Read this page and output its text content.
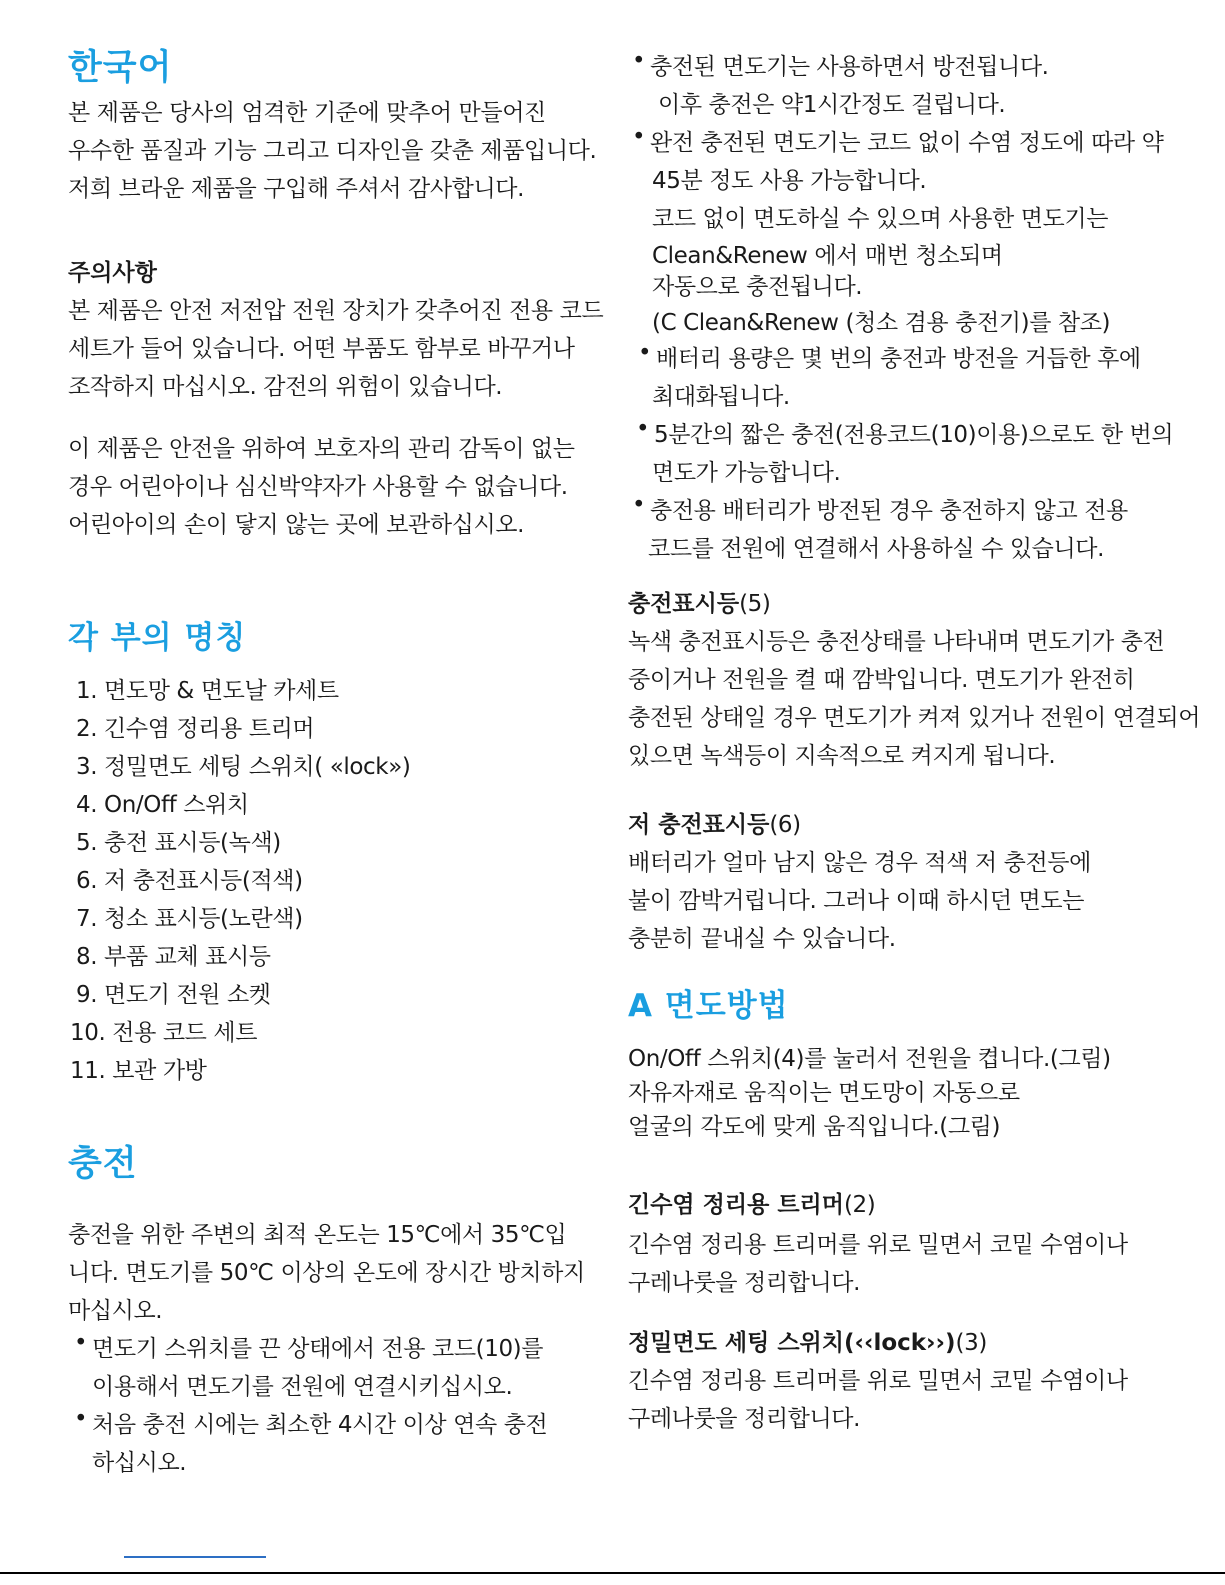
한국어
본 제품은 당사의 엄격한 기준에 맞추어 만들어진
우수한 품질과 기능 그리고 디자인을 갖춘 제품입니다.
저희 브라운 제품을 구입해 주셔서 감사합니다.
주의사항
본 제품은 안전 저전압 전원 장치가 갖추어진 전용 코드
세트가 들어 있습니다. 어떤 부품도 함부로 바꾸거나
조작하지 마십시오. 감전의 위험이 있습니다.
이 제품은 안전을 위하여 보호자의 관리 감독이 없는
경우 어린아이나 심신박약자가 사용할 수 없습니다.
어린아이의 손이 닿지 않는 곳에 보관하십시오.
각 부의 명칭
1. 면도망 & 면도날 카세트
2. 긴수염 정리용 트리머
3. 정밀면도 세팅 스위치( «lock»)
4. On/Off 스위치
5. 충전 표시등(녹색)
6. 저 충전표시등(적색)
7. 청소 표시등(노란색)
8. 부품 교체 표시등
9. 면도기 전원 소켓
10. 전용 코드 세트
11. 보관 가방
충전
충전을 위한 주변의 최적 온도는 15℃에서 35℃입
니다. 면도기를 50℃ 이상의 온도에 장시간 방치하지
마십시오.
• 면도기 스위치를 끈 상태에서 전용 코드(10)를
이용해서 면도기를 전원에 연결시키십시오.
• 처음 충전 시에는 최소한 4시간 이상 연속 충전
하십시오.
• 충전된 면도기는 사용하면서 방전됩니다.
이후 충전은 약1시간정도 걸립니다.
• 완전 충전된 면도기는 코드 없이 수염 정도에 따라 약
45분 정도 사용 가능합니다.
코드 없이 면도하실 수 있으며 사용한 면도기는
Clean&Renew 에서 매번 청소되며
자동으로 충전됩니다.
(C Clean&Renew (청소 겸용 충전기)를 참조)
• 배터리 용량은 몇 번의 충전과 방전을 거듭한 후에
최대화됩니다.
• 5분간의 짧은 충전(전용코드(10)이용)으로도 한 번의
면도가 가능합니다.
• 충전용 배터리가 방전된 경우 충전하지 않고 전용
코드를 전원에 연결해서 사용하실 수 있습니다.
충전표시등(5)
녹색 충전표시등은 충전상태를 나타내며 면도기가 충전
중이거나 전원을 켤 때 깜박입니다. 면도기가 완전히
충전된 상태일 경우 면도기가 켜져 있거나 전원이 연결되어
있으면 녹색등이 지속적으로 켜지게 됩니다.
저 충전표시등(6)
배터리가 얼마 남지 않은 경우 적색 저 충전등에
불이 깜박거립니다. 그러나 이때 하시던 면도는
충분히 끝내실 수 있습니다.
A 면도방법
On/Off 스위치(4)를 눌러서 전원을 켭니다.(그림)
자유자재로 움직이는 면도망이 자동으로
얼굴의 각도에 맞게 움직입니다.(그림)
긴수염 정리용 트리머(2)
긴수염 정리용 트리머를 위로 밀면서 코밑 수염이나
구레나룻을 정리합니다.
정밀면도 세팅 스위치(‹‹lock››)(3)
긴수염 정리용 트리머를 위로 밀면서 코밑 수염이나
구레나룻을 정리합니다.
